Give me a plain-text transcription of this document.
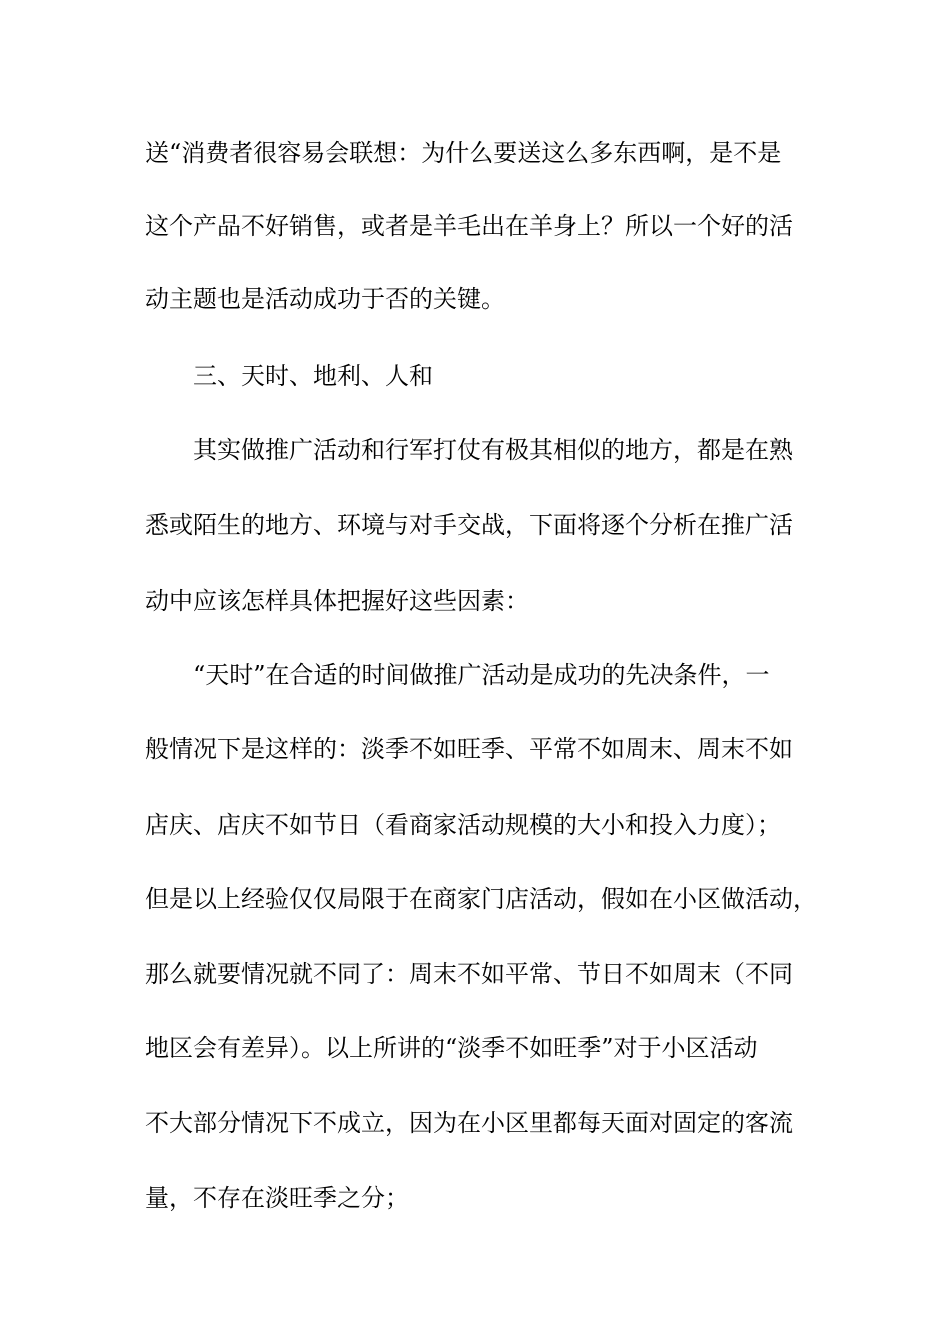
送“消费者很容易会联想：为什么要送这么多东西啊，是不是
这个产品不好销售，或者是羊毛出在羊身上？所以一个好的活
动主题也是活动成功于否的关键。
三、天时、地利、人和
其实做推广活动和行军打仗有极其相似的地方，都是在熟
悉或陌生的地方、环境与对手交战，下面将逐个分析在推广活
动中应该怎样具体把握好这些因素：
“天时”在合适的时间做推广活动是成功的先决条件，一
般情况下是这样的：淡季不如旺季、平常不如周末、周末不如
店庆、店庆不如节日（看商家活动规模的大小和投入力度）；
但是以上经验仅仅局限于在商家门店活动，假如在小区做活动，
那么就要情况就不同了：周末不如平常、节日不如周末（不同
地区会有差异）。以上所讲的“淡季不如旺季”对于小区活动
不大部分情况下不成立，因为在小区里都每天面对固定的客流
量，不存在淡旺季之分；
